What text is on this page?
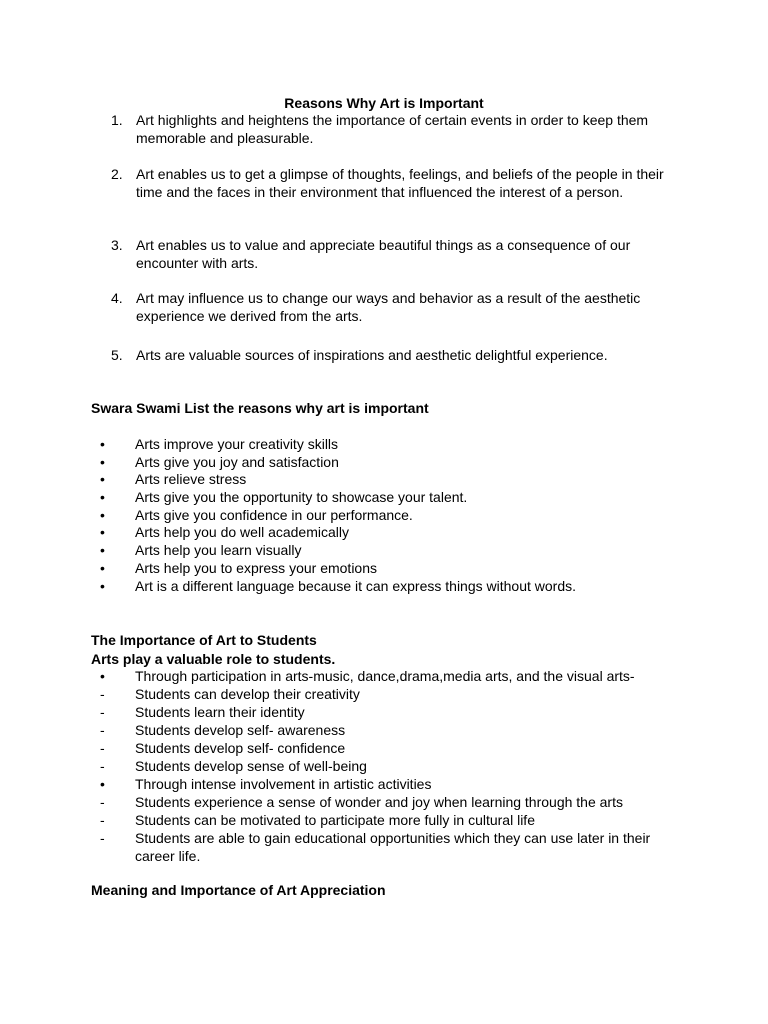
Reasons Why Art is Important
1. Art highlights and heightens the importance of certain events in order to keep them memorable and pleasurable.
2. Art enables us to get a glimpse of thoughts, feelings, and beliefs of the people in their time and the faces in their environment that influenced the interest of a person.
3. Art enables us to value and appreciate beautiful things as a consequence of our encounter with arts.
4. Art may influence us to change our ways and behavior as a result of the aesthetic experience we derived from the arts.
5. Arts are valuable sources of inspirations and aesthetic delightful experience.
Swara Swami List the reasons why art is important
• Arts improve your creativity skills
• Arts give you joy and satisfaction
• Arts relieve stress
• Arts give you the opportunity to showcase your talent.
• Arts give you confidence in our performance.
• Arts help you do well academically
• Arts help you learn visually
• Arts help you to express your emotions
• Art is a different language because it can express things without words.
The Importance of Art to Students
Arts play a valuable role to students.
• Through participation in arts-music, dance,drama,media arts, and the visual arts-
- Students can develop their creativity
- Students learn their identity
- Students develop self- awareness
- Students develop self- confidence
- Students develop sense of well-being
• Through intense involvement in artistic activities
- Students experience a sense of wonder and joy when learning through the arts
- Students can be motivated to participate more fully in cultural life
- Students are able to gain educational opportunities which they can use later in their career life.
Meaning and Importance of Art Appreciation
